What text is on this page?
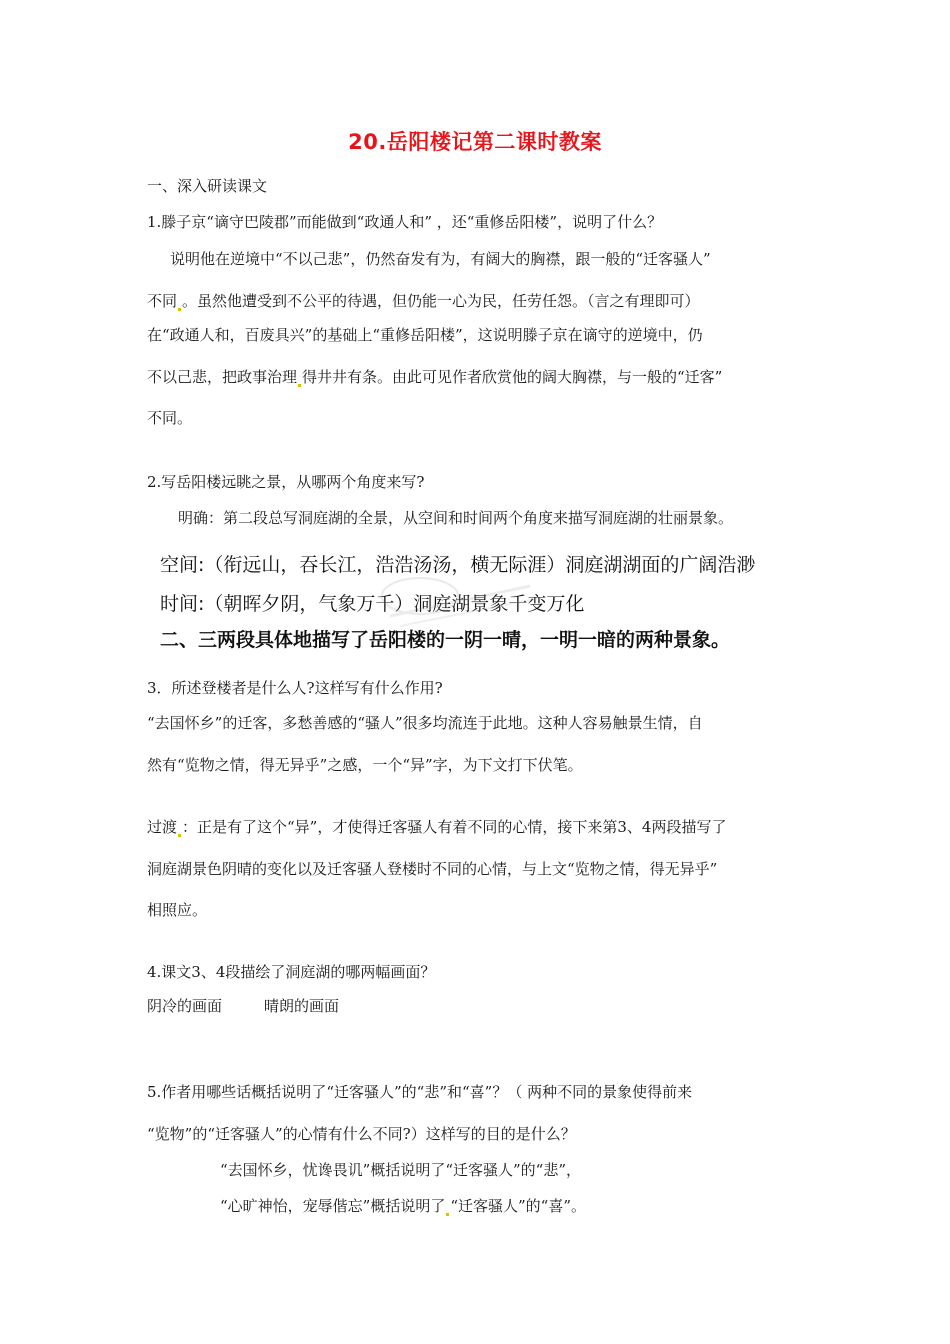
20.岳阳楼记第二课时教案
一、深入研读课文
1.滕子京“谪守巴陵郡”而能做到“政通人和” ，还“重修岳阳楼”，说明了什么？
说明他在逆境中“不以己悲”，仍然奋发有为，有阔大的胸襟，跟一般的“迁客骚人”
不同 。虽然他遭受到不公平的待遇，但仍能一心为民，任劳任怨。（言之有理即可）
在“政通人和，百废具兴”的基础上“重修岳阳楼”，这说明滕子京在谪守的逆境中，仍
不以己悲，把政事治理 得井井有条。由此可见作者欣赏他的阔大胸襟，与一般的“迁客”
不同。
2.写岳阳楼远眺之景，从哪两个角度来写?
明确：第二段总写洞庭湖的全景，从空间和时间两个角度来描写洞庭湖的壮丽景象。
空间:（衔远山，吞长江，浩浩汤汤，横无际涯）洞庭湖湖面的广阔浩渺
时间:（朝晖夕阴，气象万千）洞庭湖景象千变万化
二、三两段具体地描写了岳阳楼的一阴一晴，一明一暗的两种景象。
3．所述登楼者是什么人?这样写有什么作用?
“去国怀乡”的迁客，多愁善感的“骚人”很多均流连于此地。这种人容易触景生情，自
然有“览物之情，得无异乎”之感，一个“异”字，为下文打下伏笔。
过渡 ：正是有了这个“异”，才使得迁客骚人有着不同的心情，接下来第3、4两段描写了
洞庭湖景色阴晴的变化以及迁客骚人登楼时不同的心情，与上文“览物之情，得无异乎”
相照应。
4.课文3、4段描绘了洞庭湖的哪两幅画面？
阴冷的画面	晴朗的画面
5.作者用哪些话概括说明了“迁客骚人”的“悲”和“喜”？（ 两种不同的景象使得前来
“览物”的“迁客骚人”的心情有什么不同?）这样写的目的是什么？
“去国怀乡，忧谗畏讥”概括说明了“迁客骚人”的“悲”，
“心旷神怡，宠辱偕忘”概括说明了 “迁客骚人”的“喜”。
